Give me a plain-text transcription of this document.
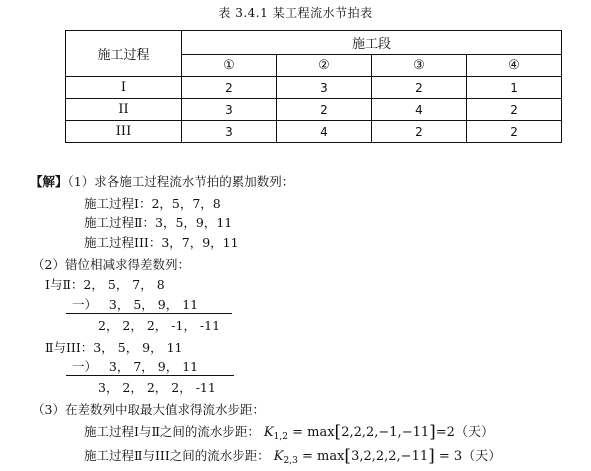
表 3.4.1 某工程流水节拍表
施工过程	施工段			
	①	②	③	④
I	2	3	2	1
II	3	2	4	2
III	3	4	2	2
【解】（1）求各施工过程流水节拍的累加数列：
施工过程Ⅰ：2，5，7，8
施工过程Ⅱ：3，5，9，11
施工过程III：3，7，9，11
（2）错位相减求得差数列：
Ⅰ与Ⅱ：2， 5， 7， 8
一）   3， 5， 9， 11
2， 2， 2， -1， -11
Ⅱ与III：3， 5， 9， 11
一）   3， 7， 9， 11
3， 2， 2， 2， -11
（3）在差数列中取最大值求得流水步距：
施工过程Ⅰ与Ⅱ之间的流水步距： $K_{1,2} = \max[2,2,2,-1,-11]=2$（天）
施工过程Ⅱ与III之间的流水步距： $K_{2,3} = \max[3,2,2,2,-11] = 3$（天）
